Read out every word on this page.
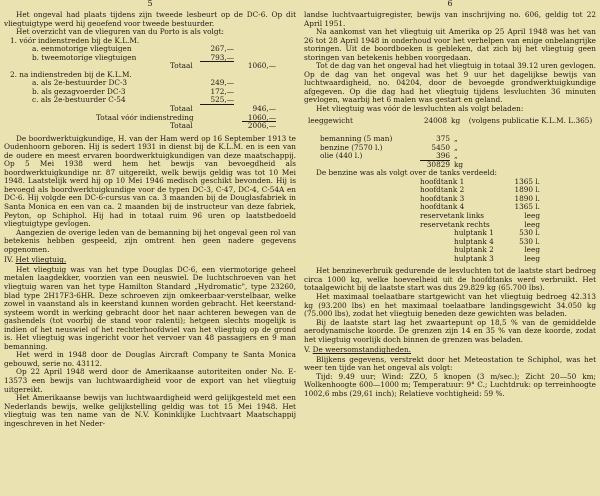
5

Het ongeval had plaats tijdens zijn tweede lesbeurt op de DC-6. Op dit vliegtuigtype werd hij geoefend voor tweede bestuurder.

Het overzicht van de vlieguren van du Porto is als volgt:

1. vóór indienstreden bij de K.L.M.
a. eenmotorige vliegtuigen	267,—
b. tweemotorige vliegtuigen	793,—
Totaal	1060,—
2. na indienstreden bij de K.L.M.
a. als 2e-bestuurder DC-3	249,—
b. als gezagvoerder DC-3	172,—
c. als 2e-bestuurder C-54	525,—
Totaal	946,—
Totaal vóór indienstreding	1060,—
Totaal	2006,—

De boordwerktuigkundige, H. van der Ham werd op 16 September 1913 te Oudenhoorn geboren. Hij is sedert 1931 in dienst bij de K.L.M. en is een van de oudere en meest ervaren boordwerktuigkundigen van deze maatschappij. Op 5 Mei 1938 werd hem het bewijs van bevoegdheid als boordwerktuigkundige nr. 87 uitgereikt, welk bewijs geldig was tot 10 Mei 1948. Laatstelijk werd hij op 10 Mei 1946 medisch geschikt bevonden. Hij is bevoegd als boordwerktuigkundige voor de typen DC-3, C-47, DC-4, C-54A en DC-6. Hij volgde een DC-6-cursus van ca. 3 maanden bij de Douglasfabriek in Santa Monica en een van ca. 2 maanden bij de instructeur van deze fabriek, Peyton, op Schiphol. Hij had in totaal ruim 96 uren op laatstbedoeld vliegtuigtype gevlogen.

Aangezien de overige leden van de bemanning bij het ongeval geen rol van betekenis hebben gespeeld, zijn omtrent hen geen nadere gegevens opgenomen.

IV. Het vliegtuig.

Het vliegtuig was van het type Douglas DC-6, een viermotorige geheel metalen laagdekker, voorzien van een neuswiel. De luchtschroeven van het vliegtuig waren van het type Hamilton Standard „Hydromatic", type 23260, blad type 2H17F3-6HR. Deze schroeven zijn omkeerbaar-verstelbaar, welke zowel in vaanstand als in keerstand kunnen worden gebracht. Het keerstand-systeem wordt in werking gebracht door het naar achteren bewegen van de gashendels (tot voorbij de stand voor ralenti); hetgeen slechts mogelijk is indien of het neuswiel of het rechterhoofdwiel van het vliegtuig op de grond is. Het vliegtuig was ingericht voor het vervoer van 48 passagiers en 9 man bemanning.

Het werd in 1948 door de Douglas Aircraft Company te Santa Monica gebouwd, serie no. 43112.

Op 22 April 1948 werd door de Amerikaanse autoriteiten onder No. E-13573 een bewijs van luchtwaardigheid voor de export van het vliegtuig uitgereikt.

Het Amerikaanse bewijs van luchtwaardigheid werd gelijkgesteld met een Nederlands bewijs, welke gelijkstelling geldig was tot 15 Mei 1948. Het vliegtuig was ten name van de N.V. Koninklijke Luchtvaart Maatschappij ingeschreven in het Neder-

6

landse luchtvaartuigregister, bewijs van inschrijving no. 606, geldig tot 22 April 1951.

Na aankomst van het vliegtuig uit Amerika op 25 April 1948 was het van 26 tot 28 April 1948 in onderhoud voor het verhelpen van enige onbelangrijke storingen. Uit de boordboeken is gebleken, dat zich bij het vliegtuig geen storingen van betekenis hebben voorgedaan.

Tot de dag van het ongeval had het vliegtuig in totaal 39.12 uren gevlogen. Op de dag van het ongeval was het 9 uur het dagelijkse bewijs van luchtwaardigheid, no. 04204, door de bevoegde grondwerktuigkundige afgegeven. Op die dag had het vliegtuig tijdens lesvluchten 36 minuten gevlogen, waarbij het 6 malen was gestart en geland.

Het vliegtuig was vóór de lesvluchten als volgt beladen:

leeggewicht	24008 kg	(volgens publicatie K.L.M. L.365)
bemanning (5 man)	375 „
benzine (7570 l.)	5450 „
olie (440 l.)	396 „
30829 kg

De benzine was als volgt over de tanks verdeeld:

hoofdtank 1	1365 l.
hoofdtank 2	1890 l.
hoofdtank 3	1890 l.
hoofdtank 4	1365 l.
reservetank links	leeg
reservetank rechts	leeg
hulptank 1	530 l.
hulptank 4	530 l.
hulptank 2	leeg
hulptank 3	leeg

Het benzineverbruik gedurende de lesvluchten tot de laatste start bedroeg circa 1000 kg, welke hoeveelheid uit de hoofdtanks werd verbruikt. Het totaalgewicht bij de laatste start was dus 29.829 kg (65.700 lbs).

Het maximaal toelaatbare startgewicht van het vliegtuig bedroeg 42.313 kg (93.200 lbs) en het maximaal toelaatbare landingsgewicht 34.050 kg (75.000 lbs), zodat het vliegtuig beneden deze gewichten was beladen.

Bij de laatste start lag het zwaartepunt op 18,5 % van de gemiddelde aerodynamische koorde. De grenzen zijn 14 en 35 % van deze koorde, zodat het vliegtuig voorlijk doch binnen de grenzen was beladen.

V. De weersomstandigheden.

Blijkens gegevens, verstrekt door het Meteostation te Schiphol, was het weer ten tijde van het ongeval als volgt:

Tijd: 9.49 uur; Wind: ZZO, 5 knopen (3 m/sec.); Zicht 20—50 km; Wolkenhoogte 600—1000 m; Temperatuur: 9° C.; Luchtdruk: op terreinhoogte 1002,6 mbs (29,61 inch); Relatieve vochtigheid: 59 %.
